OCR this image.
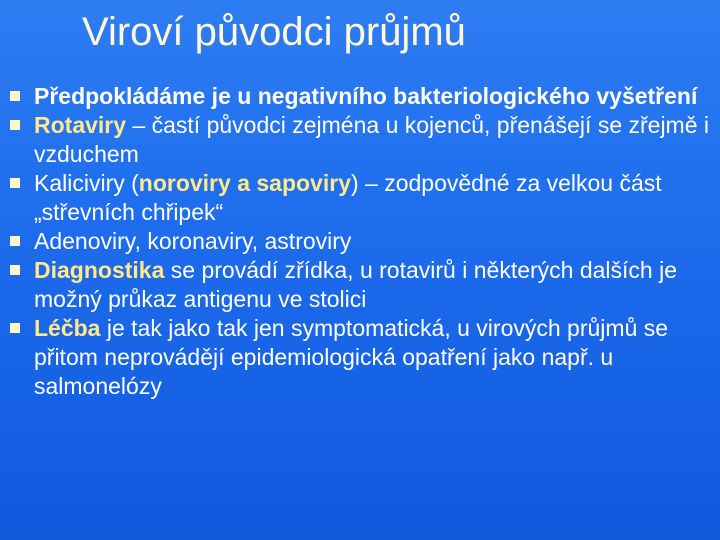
Viroví původci průjmů
Předpokládáme je u negativního bakteriologického vyšetření
Rotaviry – častí původci zejména u kojenců, přenášejí se zřejmě i vzduchem
Kaliciviry (noroviry a sapoviry) – zodpovědné za velkou část „střevních chřipek“
Adenoviry, koronaviry, astroviry
Diagnostika se provádí zřídka, u rotavirů i některých dalších je možný průkaz antigenu ve stolici
Léčba je tak jako tak jen symptomatická, u virových průjmů se přitom neprovádějí epidemiologická opatření jako např. u salmonelózy
